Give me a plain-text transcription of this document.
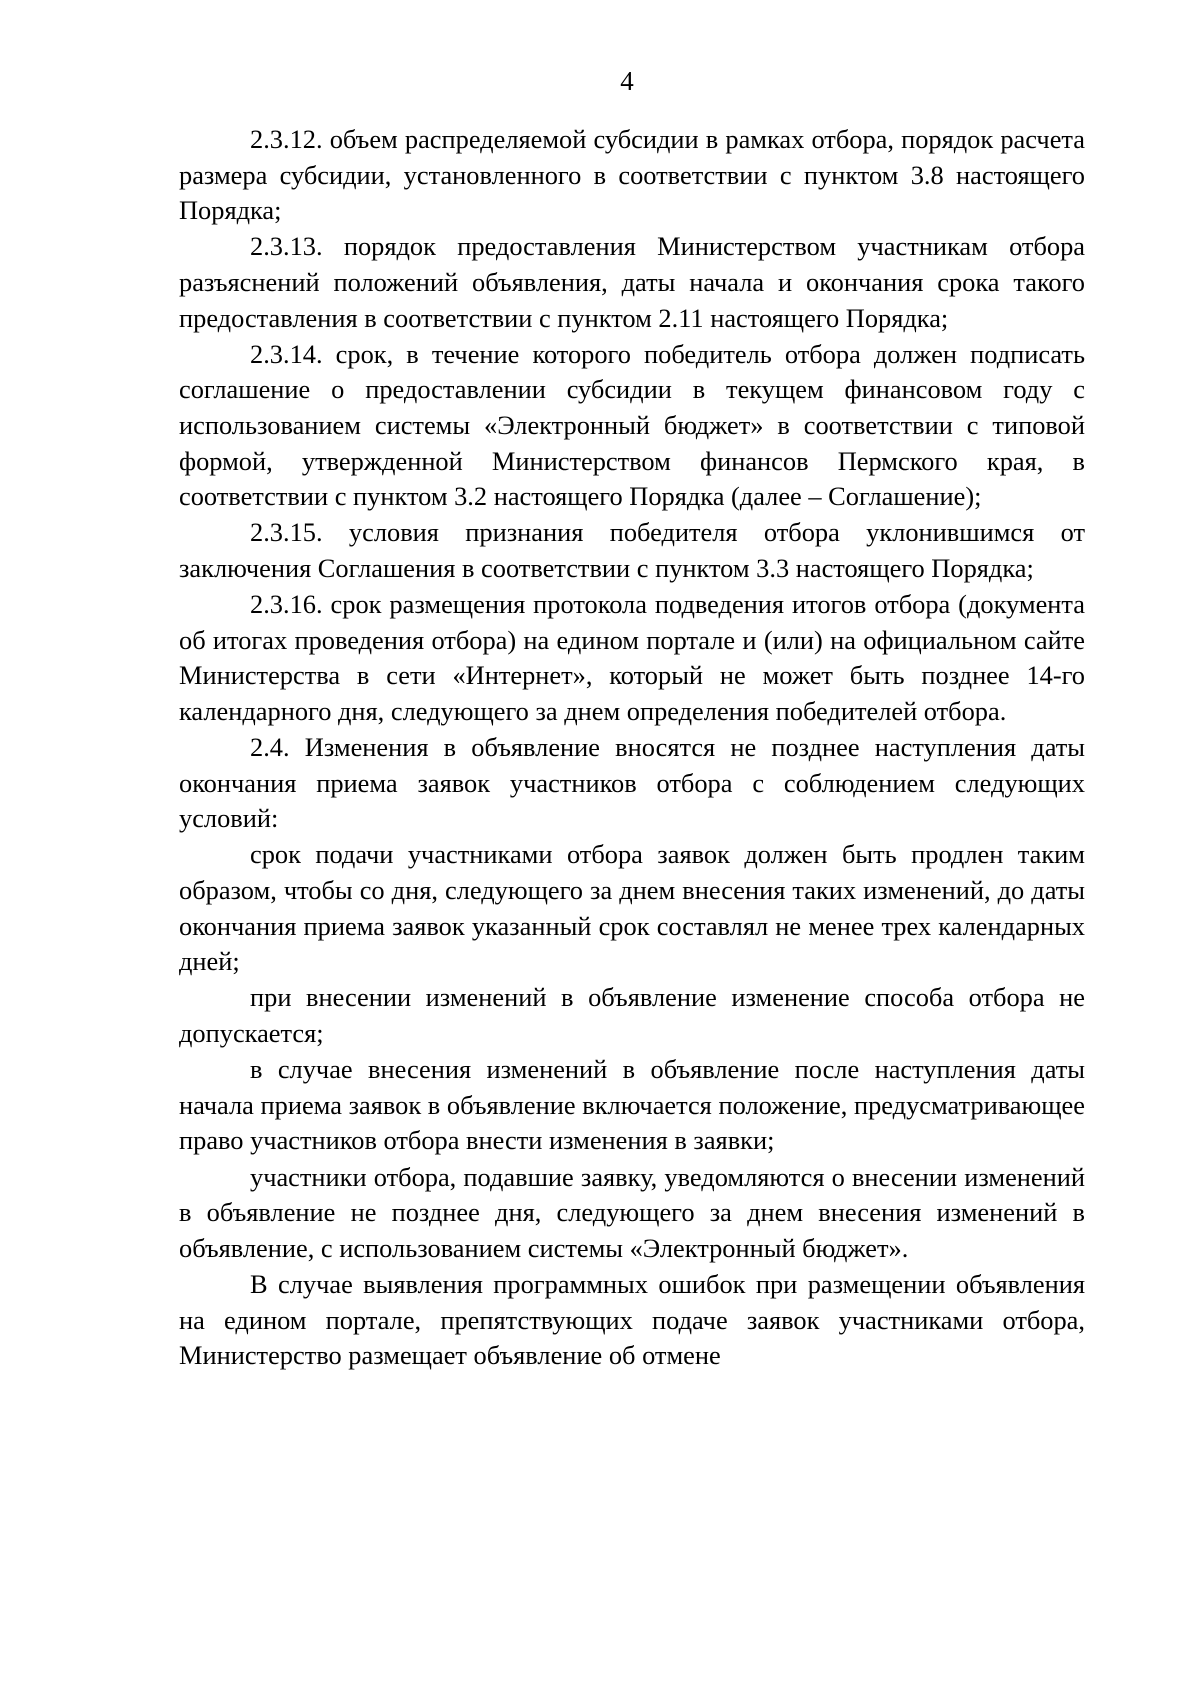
4

2.3.12. объем распределяемой субсидии в рамках отбора, порядок расчета размера субсидии, установленного в соответствии с пунктом 3.8 настоящего Порядка;

2.3.13. порядок предоставления Министерством участникам отбора разъяснений положений объявления, даты начала и окончания срока такого предоставления в соответствии с пунктом 2.11 настоящего Порядка;

2.3.14. срок, в течение которого победитель отбора должен подписать соглашение о предоставлении субсидии в текущем финансовом году с использованием системы «Электронный бюджет» в соответствии с типовой формой, утвержденной Министерством финансов Пермского края, в соответствии с пунктом 3.2 настоящего Порядка (далее – Соглашение);

2.3.15. условия признания победителя отбора уклонившимся от заключения Соглашения в соответствии с пунктом 3.3 настоящего Порядка;

2.3.16. срок размещения протокола подведения итогов отбора (документа об итогах проведения отбора) на едином портале и (или) на официальном сайте Министерства в сети «Интернет», который не может быть позднее 14-го календарного дня, следующего за днем определения победителей отбора.

2.4. Изменения в объявление вносятся не позднее наступления даты окончания приема заявок участников отбора с соблюдением следующих условий:

срок подачи участниками отбора заявок должен быть продлен таким образом, чтобы со дня, следующего за днем внесения таких изменений, до даты окончания приема заявок указанный срок составлял не менее трех календарных дней;

при внесении изменений в объявление изменение способа отбора не допускается;

в случае внесения изменений в объявление после наступления даты начала приема заявок в объявление включается положение, предусматривающее право участников отбора внести изменения в заявки;

участники отбора, подавшие заявку, уведомляются о внесении изменений в объявление не позднее дня, следующего за днем внесения изменений в объявление, с использованием системы «Электронный бюджет».

В случае выявления программных ошибок при размещении объявления на едином портале, препятствующих подаче заявок участниками отбора, Министерство размещает объявление об отмене
